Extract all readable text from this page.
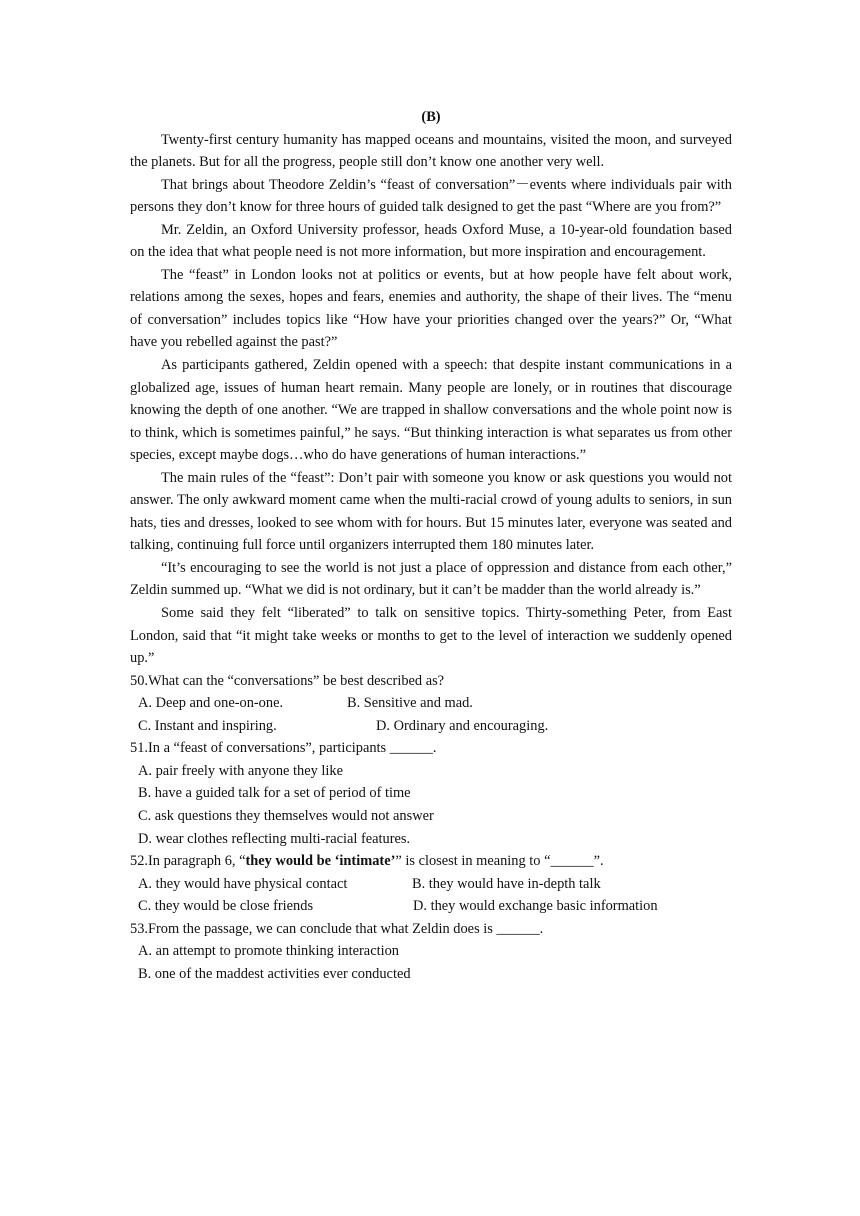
(B)

Twenty-first century humanity has mapped oceans and mountains, visited the moon, and surveyed the planets. But for all the progress, people still don’t know one another very well.

That brings about Theodore Zeldin’s “feast of conversation”－events where individuals pair with persons they don’t know for three hours of guided talk designed to get the past “Where are you from?”

Mr. Zeldin, an Oxford University professor, heads Oxford Muse, a 10-year-old foundation based on the idea that what people need is not more information, but more inspiration and encouragement.

The “feast” in London looks not at politics or events, but at how people have felt about work, relations among the sexes, hopes and fears, enemies and authority, the shape of their lives. The “menu of conversation” includes topics like “How have your priorities changed over the years?” Or, “What have you rebelled against the past?”

As participants gathered, Zeldin opened with a speech: that despite instant communications in a globalized age, issues of human heart remain. Many people are lonely, or in routines that discourage knowing the depth of one another. “We are trapped in shallow conversations and the whole point now is to think, which is sometimes painful,” he says. “But thinking interaction is what separates us from other species, except maybe dogs…who do have generations of human interactions.”

The main rules of the “feast”: Don’t pair with someone you know or ask questions you would not answer. The only awkward moment came when the multi-racial crowd of young adults to seniors, in sun hats, ties and dresses, looked to see whom with for hours. But 15 minutes later, everyone was seated and talking, continuing full force until organizers interrupted them 180 minutes later.

“It’s encouraging to see the world is not just a place of oppression and distance from each other,” Zeldin summed up. “What we did is not ordinary, but it can’t be madder than the world already is.”

Some said they felt “liberated” to talk on sensitive topics. Thirty-something Peter, from East London, said that “it might take weeks or months to get to the level of interaction we suddenly opened up.”

50.What can the “conversations” be best described as?

A. Deep and one-on-one.	B. Sensitive and mad.
C. Instant and inspiring.	D. Ordinary and encouraging.

51.In a “feast of conversations”, participants ______.

A. pair freely with anyone they like

B. have a guided talk for a set of period of time

C. ask questions they themselves would not answer

D. wear clothes reflecting multi-racial features.

52.In paragraph 6, “they would be ‘intimate’” is closest in meaning to “______”.

A. they would have physical contact	B. they would have in-depth talk
C. they would be close friends	D. they would exchange basic information

53.From the passage, we can conclude that what Zeldin does is ______.

A. an attempt to promote thinking interaction

B. one of the maddest activities ever conducted
